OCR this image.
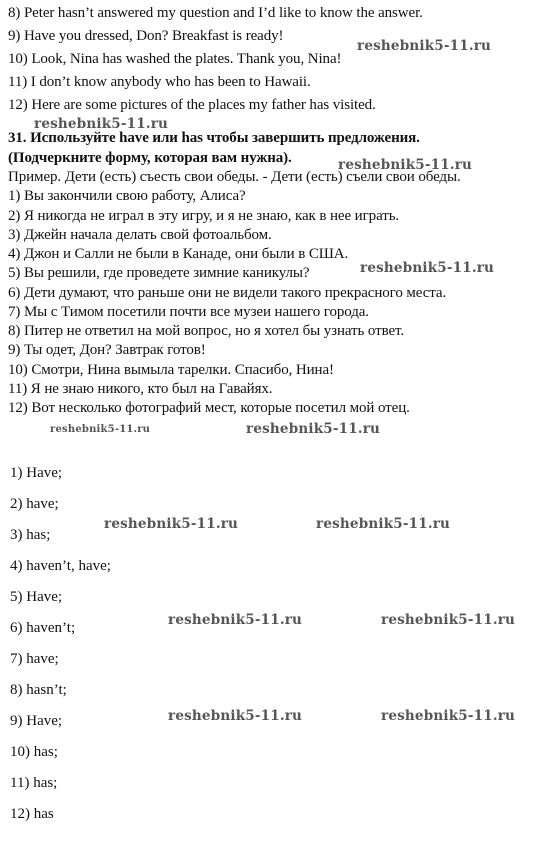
8) Peter hasn’t answered my question and I’d like to know the answer.
9) Have you dressed, Don? Breakfast is ready!
10) Look, Nina has washed the plates. Thank you, Nina!
11) I don’t know anybody who has been to Hawaii.
12) Here are some pictures of the places my father has visited.
31. Используйте have или has чтобы завершить предложения.
(Подчеркните форму, которая вам нужна).
Пример. Дети (есть) съесть свои обеды. - Дети (есть) съели свои обеды.
1) Вы закончили свою работу, Алиса?
2) Я никогда не играл в эту игру, и я не знаю, как в нее играть.
3) Джейн начала делать свой фотоальбом.
4) Джон и Салли не были в Канаде, они были в США.
5) Вы решили, где проведете зимние каникулы?
6) Дети думают, что раньше они не видели такого прекрасного места.
7) Мы с Тимом посетили почти все музеи нашего города.
8) Питер не ответил на мой вопрос, но я хотел бы узнать ответ.
9) Ты одет, Дон? Завтрак готов!
10) Смотри, Нина вымыла тарелки. Спасибо, Нина!
11) Я не знаю никого, кто был на Гавайях.
12) Вот несколько фотографий мест, которые посетил мой отец.
1) Have;
2) have;
3) has;
4) haven’t, have;
5) Have;
6) haven’t;
7) have;
8) hasn’t;
9) Have;
10) has;
11) has;
12) has
reshebnik5-11.ru
reshebnik5-11.ru
reshebnik5-11.ru
reshebnik5-11.ru
reshebnik5-11.ru	reshebnik5-11.ru
reshebnik5-11.ru	reshebnik5-11.ru
reshebnik5-11.ru	reshebnik5-11.ru
reshebnik5-11.ru	reshebnik5-11.ru
